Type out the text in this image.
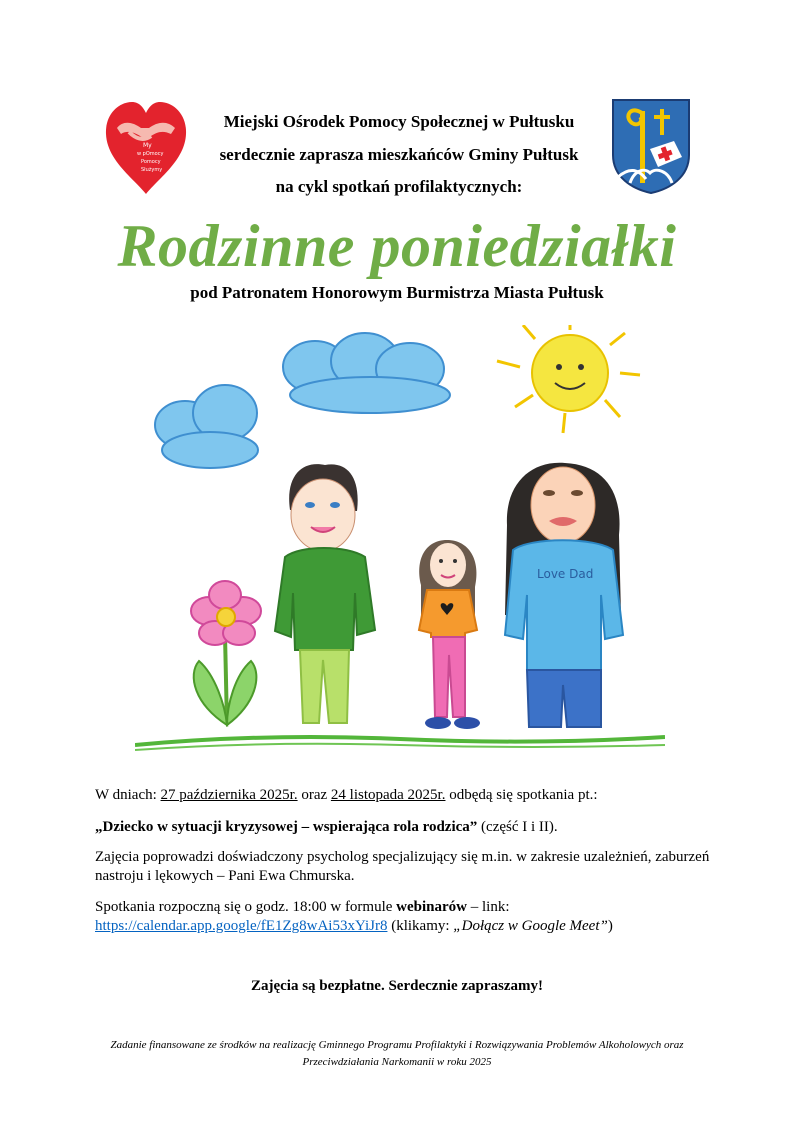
My
w pOmocy
Pomocy
Służymy
Miejski Ośrodek Pomocy Społecznej w Pułtusku
serdecznie zaprasza mieszkańców Gminy Pułtusk
na cykl spotkań profilaktycznych:
Rodzinne poniedziałki
pod Patronatem Honorowym Burmistrza Miasta Pułtusk
Love Dad
W dniach: 27 października 2025r. oraz 24 listopada 2025r. odbędą się spotkania pt.:
„Dziecko w sytuacji kryzysowej – wspierająca rola rodzica” (część I i II).
Zajęcia poprowadzi doświadczony psycholog specjalizujący się m.in. w zakresie uzależnień, zaburzeń nastroju i lękowych – Pani Ewa Chmurska.
Spotkania rozpoczną się o godz. 18:00 w formule webinarów – link:
https://calendar.app.google/fE1Zg8wAi53xYiJr8 (klikamy: „Dołącz w Google Meet”)
Zajęcia są bezpłatne. Serdecznie zapraszamy!
Zadanie finansowane ze środków na realizację Gminnego Programu Profilaktyki i Rozwiązywania Problemów Alkoholowych oraz Przeciwdziałania Narkomanii w roku 2025
